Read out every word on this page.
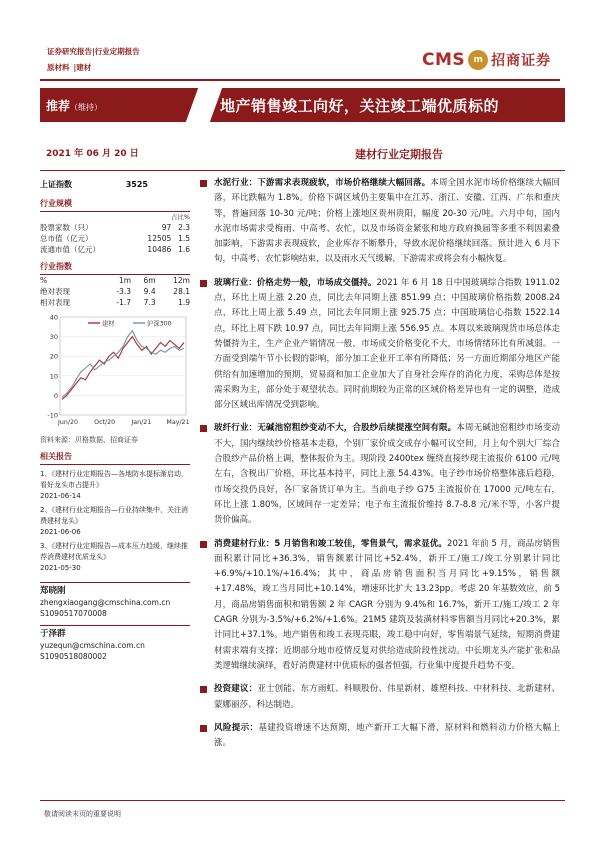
证券研究报告|行业定期报告
原材料 |建材	CMS m 招商证券
推荐（维持）	地产销售竣工向好，关注竣工端优质标的
2021 年 06 月 20 日	建材行业定期报告
上证指数	3525
行业规模
占比%
股票家数（只）	97	2.3
总市值（亿元）	12505	1.5
流通市值（亿元）	10486	1.6
行业指数
%	1m	6m	12m
绝对表现	-3.3	9.4	28.1
相对表现	-1.7	7.3	1.9
40
30
20
10
0
-10
Jun/20	Oct/20	Jan/21 May/21
建材	沪深300
资料来源：贝格数据、招商证券
相关报告
1、《建材行业定期报告—各地防水提标渐启动，看好龙头市占提升》
2021-06-14
2、《建材行业定期报告—行业持续集中，关注消费建材龙头》
2021-06-06
3、《建材行业定期报告—成本压力趋缓，继续推荐消费建材优质龙头》
2021-05-30
郑晓刚
zhengxiaogang@cmschina.com.cn
S1090517070008
于泽群
yuzequn@cmschina.com.cn
S1090518080002
水泥行业：下游需求表现疲软，市场价格继续大幅回落。本周全国水泥市场价格继续大幅回落，环比跌幅为 1.8%。价格下调区域仍主要集中在江苏、浙江、安徽、江西、广东和重庆等，普遍回落 10-30 元/吨；价格上涨地区贵州贵阳，幅度 20-30 元/吨。六月中旬，国内水泥市场需求受梅雨、中高考、农忙，以及市场资金紧张和地方政府换届等多重不利因素叠加影响，下游需求表现疲软，企业库存不断攀升，导致水泥价格继续回落。预计进入 6 月下旬，中高考、农忙影响结束，以及雨水天气缓解，下游需求或将会有小幅恢复。
玻璃行业：价格走势一般，市场成交僵持。2021 年 6 月 18 日中国玻璃综合指数 1911.02 点，环比上周上涨 2.20 点，同比去年同期上涨 851.99 点；中国玻璃价格指数 2008.24 点，环比上周上涨 5.49 点，同比去年同期上涨 925.75 点；中国玻璃信心指数 1522.14 点，环比上周下跌 10.97 点，同比去年同期上涨 556.95 点。本周以来玻璃现货市场总体走势僵持为主，生产企业产销情况一般，市场成交价格变化不大，市场情绪环比有所减弱。一方面受到端午节小长假的影响，部分加工企业开工率有所降低；另一方面近期部分地区产能供给有加速增加的预期，贸易商和加工企业加大了自身社会库存的消化力度，采购总体是按需采购为主，部分处于观望状态。同时前期较为正常的区域价格差异也有一定的调整，造成部分区域出库情况受到影响。
玻纤行业：无碱池窑粗纱变动不大，合股纱后续提涨空间有限。本周无碱池窑粗纱市场变动不大，国内继续纱价格基本走稳，个别厂家价成交成存小幅可议空间，月上旬个别大厂综合合股纱产品价格上调，整体报价为主。现阶段 2400tex 缠绕直接纱现主流报价 6100 元/吨左右，含税出厂价格，环比基本持平，同比上涨 54.43%。电子纱市场价格整体涨后趋稳，市场交投仍良好，各厂家备货订单为主。当前电子纱 G75 主流报价在 17000 元/吨左右，环比上涨 1.80%，区域间存一定差异；电子布主流报价维持 8.7-8.8 元/米不等，小客户提货价偏高。
消费建材行业：5 月销售和竣工较佳，零售景气，需求显优。2021 年前 5 月，商品房销售面积累计同比+36.3%，销售额累计同比+52.4%，新开工/施工/竣工分别累计同比+6.9%/+10.1%/+16.4%；其中，商品房销售面积当月同比+9.15%，销售额+17.48%，竣工当月同比+10.14%，增速环比扩大 13.23pp。考虑 20 年基数效应，前 5 月，商品房销售面积和销售额 2 年 CAGR 分别为 9.4%和 16.7%，新开工/施工/竣工 2 年 CAGR 分别为-3.5%/+6.2%/+1.6%。21M5 建筑及装潢材料零售额当月同比+20.3%，累计同比+37.1%。地产销售和竣工表现亮眼，竣工稳中向好，零售端景气延续，短期消费建材需求端有支撑；近期部分地市疫情反复对供给造成阶段性扰动。中长期龙头产能扩张和品类逻辑继续演绎，看好消费建材中优质标的强者恒强，行业集中度提升趋势不变。
投资建议：亚士创能、东方雨虹、科顺股份、伟星新材、雄塑科技、中材科技、北新建材、蒙娜丽莎、科达制造。
风险提示：基建投资增速不达预期，地产新开工大幅下滑，原材料和燃料动力价格大幅上涨。
敬请阅读末页的重要说明
